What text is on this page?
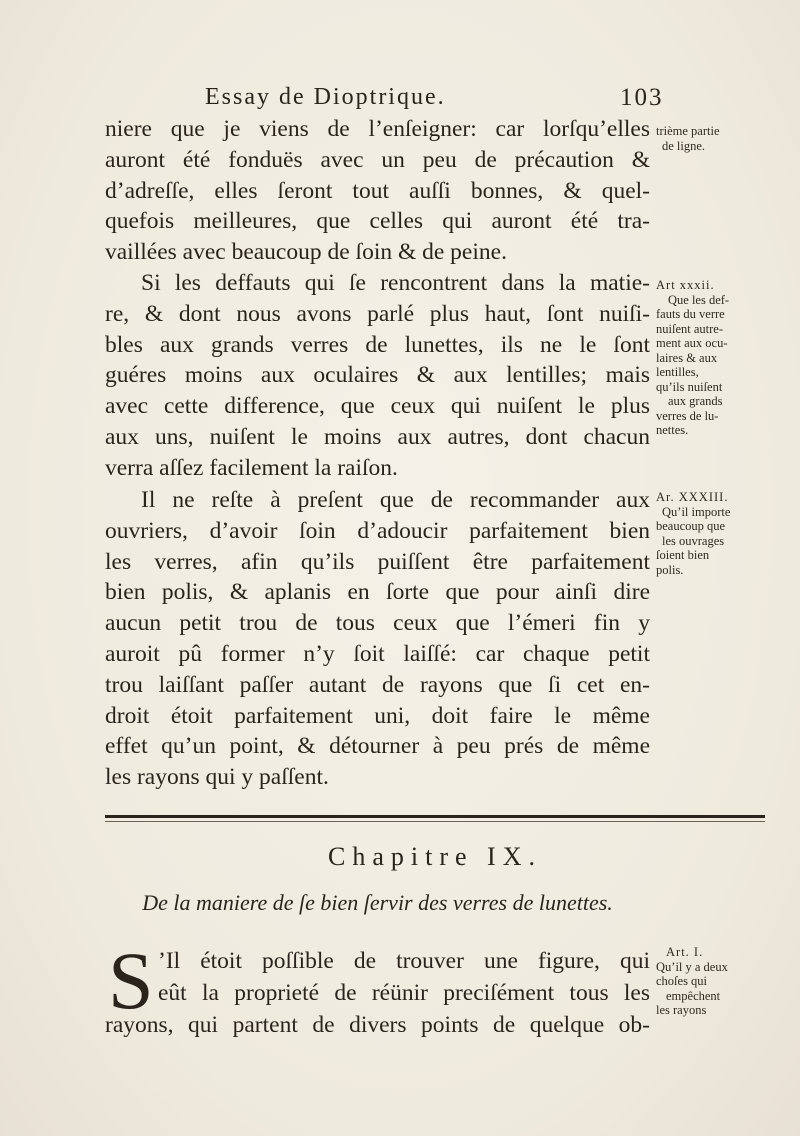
Essay de Dioptrique.	103
niere que je viens de l’enſeigner: car lorſqu’elles
auront été fonduës avec un peu de précaution &
d’adreſſe, elles ſeront tout auſſi bonnes, & quel-
quefois meilleures, que celles qui auront été tra-
vaillées avec beaucoup de ſoin & de peine.
trième partie
de ligne.
Si les deffauts qui ſe rencontrent dans la matie-
re, & dont nous avons parlé plus haut, ſont nuiſi-
bles aux grands verres de lunettes, ils ne le ſont
guéres moins aux oculaires & aux lentilles; mais
avec cette difference, que ceux qui nuiſent le plus
aux uns, nuiſent le moins aux autres, dont chacun
verra aſſez facilement la raiſon.
Art xxxii.
Que les def-
fauts du verre
nuiſent autre-
ment aux ocu-
laires & aux
lentilles,
qu’ils nuiſent
aux grands
verres de lu-
nettes.
Il ne reſte à preſent que de recommander aux
ouvriers, d’avoir ſoin d’adoucir parfaitement bien
les verres, afin qu’ils puiſſent être parfaitement
bien polis, & aplanis en ſorte que pour ainſi dire
aucun petit trou de tous ceux que l’émeri fin y
auroit pû former n’y ſoit laiſſé: car chaque petit
trou laiſſant paſſer autant de rayons que ſi cet en-
droit étoit parfaitement uni, doit faire le même
effet qu’un point, & détourner à peu prés de même
les rayons qui y paſſent.
Ar. XXXIII.
Qu’il importe
beaucoup que
les ouvrages
ſoient bien
polis.
Chapitre IX.
De la maniere de ſe bien ſervir des verres de lunettes.
S ’Il étoit poſſible de trouver une figure, qui
eût la proprieté de réünir preciſément tous les
rayons, qui partent de divers points de quelque ob-
Art. I.
Qu’il y a deux
choſes qui
empêchent
les rayons
